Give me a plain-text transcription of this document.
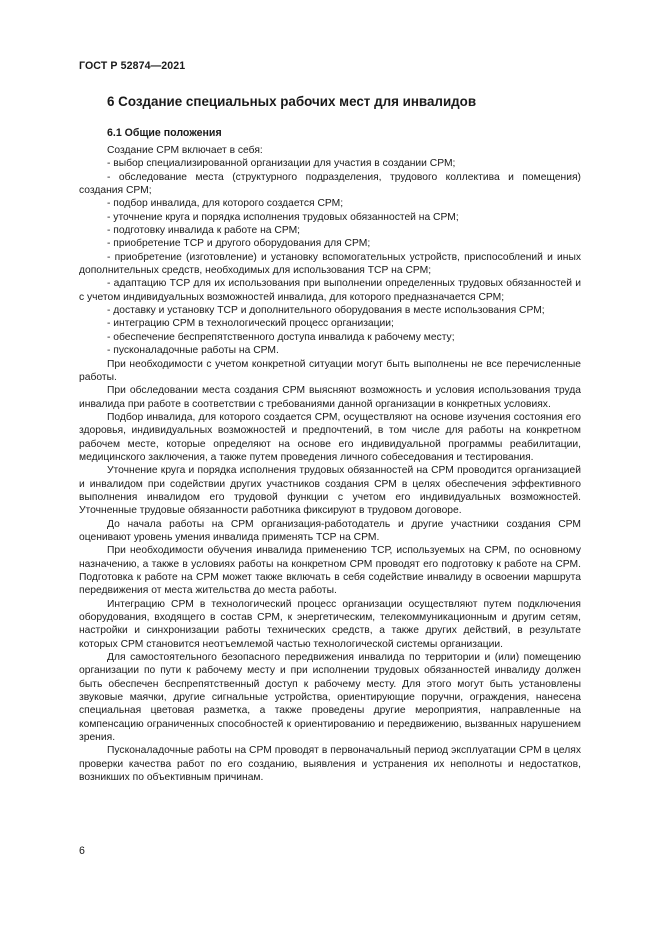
ГОСТ Р 52874—2021
6 Создание специальных рабочих мест для инвалидов
6.1 Общие положения

Создание СРМ включает в себя:

- выбор специализированной организации для участия в создании СРМ;

- обследование места (структурного подразделения, трудового коллектива и помещения) создания СРМ;

- подбор инвалида, для которого создается СРМ;

- уточнение круга и порядка исполнения трудовых обязанностей на СРМ;

- подготовку инвалида к работе на СРМ;

- приобретение ТСР и другого оборудования для СРМ;

- приобретение (изготовление) и установку вспомогательных устройств, приспособлений и иных дополнительных средств, необходимых для использования ТСР на СРМ;

- адаптацию ТСР для их использования при выполнении определенных трудовых обязанностей и с учетом индивидуальных возможностей инвалида, для которого предназначается СРМ;

- доставку и установку ТСР и дополнительного оборудования в месте использования СРМ;

- интеграцию СРМ в технологический процесс организации;

- обеспечение беспрепятственного доступа инвалида к рабочему месту;

- пусконаладочные работы на СРМ.

При необходимости с учетом конкретной ситуации могут быть выполнены не все перечисленные работы.

При обследовании места создания СРМ выясняют возможность и условия использования труда инвалида при работе в соответствии с требованиями данной организации в конкретных условиях.

Подбор инвалида, для которого создается СРМ, осуществляют на основе изучения состояния его здоровья, индивидуальных возможностей и предпочтений, в том числе для работы на конкретном рабочем месте, которые определяют на основе его индивидуальной программы реабилитации, медицинского заключения, а также путем проведения личного собеседования и тестирования.

Уточнение круга и порядка исполнения трудовых обязанностей на СРМ проводится организацией и инвалидом при содействии других участников создания СРМ в целях обеспечения эффективного выполнения инвалидом его трудовой функции с учетом его индивидуальных возможностей. Уточненные трудовые обязанности работника фиксируют в трудовом договоре.

До начала работы на СРМ организация-работодатель и другие участники создания СРМ оценивают уровень умения инвалида применять ТСР на СРМ.

При необходимости обучения инвалида применению ТСР, используемых на СРМ, по основному назначению, а также в условиях работы на конкретном СРМ проводят его подготовку к работе на СРМ. Подготовка к работе на СРМ может также включать в себя содействие инвалиду в освоении маршрута передвижения от места жительства до места работы.

Интеграцию СРМ в технологический процесс организации осуществляют путем подключения оборудования, входящего в состав СРМ, к энергетическим, телекоммуникационным и другим сетям, настройки и синхронизации работы технических средств, а также других действий, в результате которых СРМ становится неотъемлемой частью технологической системы организации.

Для самостоятельного безопасного передвижения инвалида по территории и (или) помещению организации по пути к рабочему месту и при исполнении трудовых обязанностей инвалиду должен быть обеспечен беспрепятственный доступ к рабочему месту. Для этого могут быть установлены звуковые маячки, другие сигнальные устройства, ориентирующие поручни, ограждения, нанесена специальная цветовая разметка, а также проведены другие мероприятия, направленные на компенсацию ограниченных способностей к ориентированию и передвижению, вызванных нарушением зрения.

Пусконаладочные работы на СРМ проводят в первоначальный период эксплуатации СРМ в целях проверки качества работ по его созданию, выявления и устранения их неполноты и недостатков, возникших по объективным причинам.

6
